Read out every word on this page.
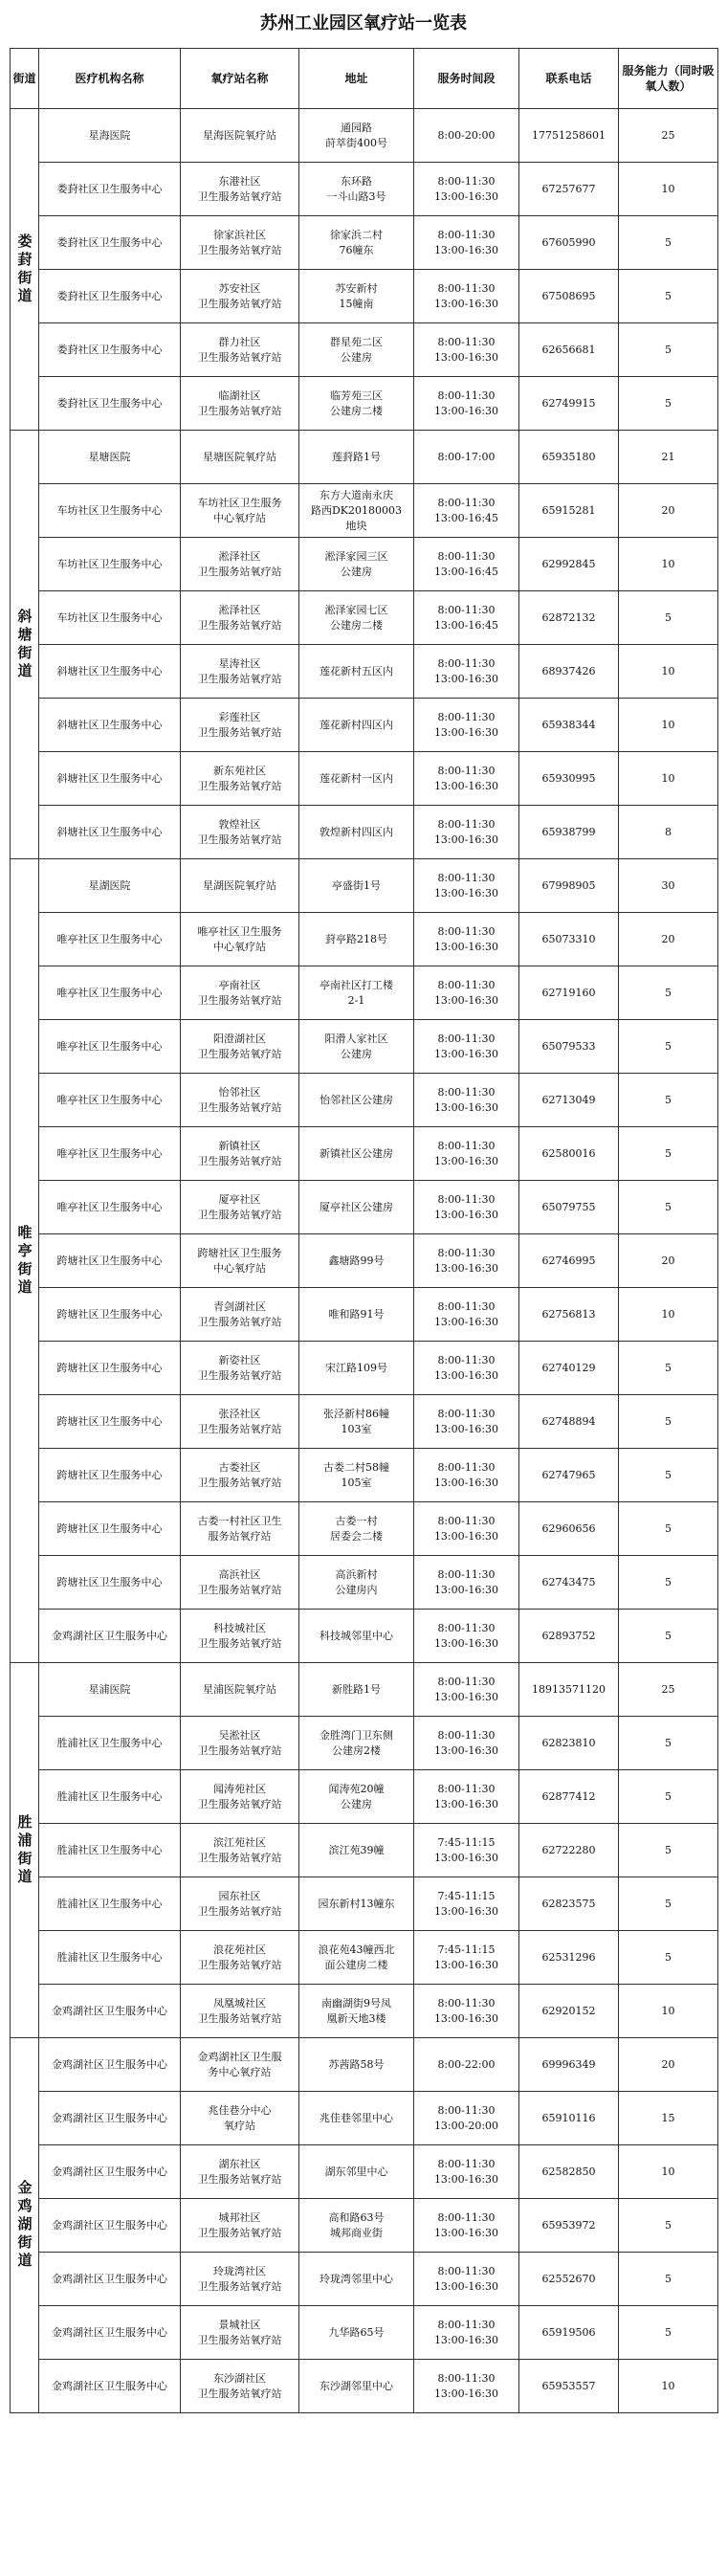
苏州工业园区氧疗站一览表
街道	医疗机构名称	氧疗站名称	地址	服务时间段	联系电话	服务能力（同时吸氧人数）

娄葑街道	星海医院	星海医院氧疗站	通园路
莳萃街400号	8:00-20:00	17751258601	25
	娄葑社区卫生服务中心	东港社区
卫生服务站氧疗站	东环路
一斗山路3号	8:00-11:30
13:00-16:30	67257677	10
	娄葑社区卫生服务中心	徐家浜社区
卫生服务站氧疗站	徐家浜二村
76幢东	8:00-11:30
13:00-16:30	67605990	5
	娄葑社区卫生服务中心	苏安社区
卫生服务站氧疗站	苏安新村
15幢南	8:00-11:30
13:00-16:30	67508695	5
	娄葑社区卫生服务中心	群力社区
卫生服务站氧疗站	群星苑二区
公建房	8:00-11:30
13:00-16:30	62656681	5
	娄葑社区卫生服务中心	临湖社区
卫生服务站氧疗站	临芳苑三区
公建房二楼	8:00-11:30
13:00-16:30	62749915	5

斜塘街道	星塘医院	星塘医院氧疗站	莲葑路1号	8:00-17:00	65935180	21
	车坊社区卫生服务中心	车坊社区卫生服务
中心氧疗站	东方大道南永庆
路西DK20180003
地块	8:00-11:30
13:00-16:45	65915281	20
	车坊社区卫生服务中心	淞泽社区
卫生服务站氧疗站	淞泽家园三区
公建房	8:00-11:30
13:00-16:45	62992845	10
	车坊社区卫生服务中心	淞泽社区
卫生服务站氧疗站	淞泽家园七区
公建房二楼	8:00-11:30
13:00-16:45	62872132	5
	斜塘社区卫生服务中心	星涛社区
卫生服务站氧疗站	莲花新村五区内	8:00-11:30
13:00-16:30	68937426	10
	斜塘社区卫生服务中心	彩莲社区
卫生服务站氧疗站	莲花新村四区内	8:00-11:30
13:00-16:30	65938344	10
	斜塘社区卫生服务中心	新东苑社区
卫生服务站氧疗站	莲花新村一区内	8:00-11:30
13:00-16:30	65930995	10
	斜塘社区卫生服务中心	敦煌社区
卫生服务站氧疗站	敦煌新村四区内	8:00-11:30
13:00-16:30	65938799	8

唯亭街道	星湖医院	星湖医院氧疗站	亭盛街1号	8:00-11:30
13:00-16:30	67998905	30
	唯亭社区卫生服务中心	唯亭社区卫生服务
中心氧疗站	葑亭路218号	8:00-11:30
13:00-16:30	65073310	20
	唯亭社区卫生服务中心	亭南社区
卫生服务站氧疗站	亭南社区打工楼
2-1	8:00-11:30
13:00-16:30	62719160	5
	唯亭社区卫生服务中心	阳澄湖社区
卫生服务站氧疗站	阳滑人家社区
公建房	8:00-11:30
13:00-16:30	65079533	5
	唯亭社区卫生服务中心	怡邻社区
卫生服务站氧疗站	怡邻社区公建房	8:00-11:30
13:00-16:30	62713049	5
	唯亭社区卫生服务中心	新镇社区
卫生服务站氧疗站	新镇社区公建房	8:00-11:30
13:00-16:30	62580016	5
	唯亭社区卫生服务中心	厦亭社区
卫生服务站氧疗站	厦亭社区公建房	8:00-11:30
13:00-16:30	65079755	5
	跨塘社区卫生服务中心	跨塘社区卫生服务
中心氧疗站	鑫塘路99号	8:00-11:30
13:00-16:30	62746995	20
	跨塘社区卫生服务中心	青剑湖社区
卫生服务站氧疗站	唯和路91号	8:00-11:30
13:00-16:30	62756813	10
	跨塘社区卫生服务中心	新姿社区
卫生服务站氧疗站	宋江路109号	8:00-11:30
13:00-16:30	62740129	5
	跨塘社区卫生服务中心	张泾社区
卫生服务站氧疗站	张泾新村86幢
103室	8:00-11:30
13:00-16:30	62748894	5
	跨塘社区卫生服务中心	古娄社区
卫生服务站氧疗站	古娄二村58幢
105室	8:00-11:30
13:00-16:30	62747965	5
	跨塘社区卫生服务中心	古娄一村社区卫生
服务站氧疗站	古娄一村
居委会二楼	8:00-11:30
13:00-16:30	62960656	5
	跨塘社区卫生服务中心	高浜社区
卫生服务站氧疗站	高浜新村
公建房内	8:00-11:30
13:00-16:30	62743475	5
	金鸡湖社区卫生服务中心	科技城社区
卫生服务站氧疗站	科技城邻里中心	8:00-11:30
13:00-16:30	62893752	5

胜浦街道	星浦医院	星浦医院氧疗站	新胜路1号	8:00-11:30
13:00-16:30	18913571120	25
	胜浦社区卫生服务中心	吴淞社区
卫生服务站氧疗站	金胜湾门卫东侧
公建房2楼	8:00-11:30
13:00-16:30	62823810	5
	胜浦社区卫生服务中心	闻涛苑社区
卫生服务站氧疗站	闻涛苑20幢
公建房	8:00-11:30
13:00-16:30	62877412	5
	胜浦社区卫生服务中心	滨江苑社区
卫生服务站氧疗站	滨江苑39幢	7:45-11:15
13:00-16:30	62722280	5
	胜浦社区卫生服务中心	园东社区
卫生服务站氧疗站	园东新村13幢东	7:45-11:15
13:00-16:30	62823575	5
	胜浦社区卫生服务中心	浪花苑社区
卫生服务站氧疗站	浪花苑43幢西北
面公建房二楼	7:45-11:15
13:00-16:30	62531296	5
	金鸡湖社区卫生服务中心	凤凰城社区
卫生服务站氧疗站	南幽湖街9号凤
凰新天地3楼	8:00-11:30
13:00-16:30	62920152	10

金鸡湖街道	金鸡湖社区卫生服务中心	金鸡湖社区卫生服
务中心氧疗站	苏茜路58号	8:00-22:00	69996349	20
	金鸡湖社区卫生服务中心	兆佳巷分中心
氧疗站	兆佳巷邻里中心	8:00-11:30
13:00-20:00	65910116	15
	金鸡湖社区卫生服务中心	湖东社区
卫生服务站氧疗站	湖东邻里中心	8:00-11:30
13:00-16:30	62582850	10
	金鸡湖社区卫生服务中心	城邦社区
卫生服务站氧疗站	高和路63号
城邦商业街	8:00-11:30
13:00-16:30	65953972	5
	金鸡湖社区卫生服务中心	玲珑湾社区
卫生服务站氧疗站	玲珑湾邻里中心	8:00-11:30
13:00-16:30	62552670	5
	金鸡湖社区卫生服务中心	景城社区
卫生服务站氧疗站	九华路65号	8:00-11:30
13:00-16:30	65919506	5
	金鸡湖社区卫生服务中心	东沙湖社区
卫生服务站氧疗站	东沙湖邻里中心	8:00-11:30
13:00-16:30	65953557	10
